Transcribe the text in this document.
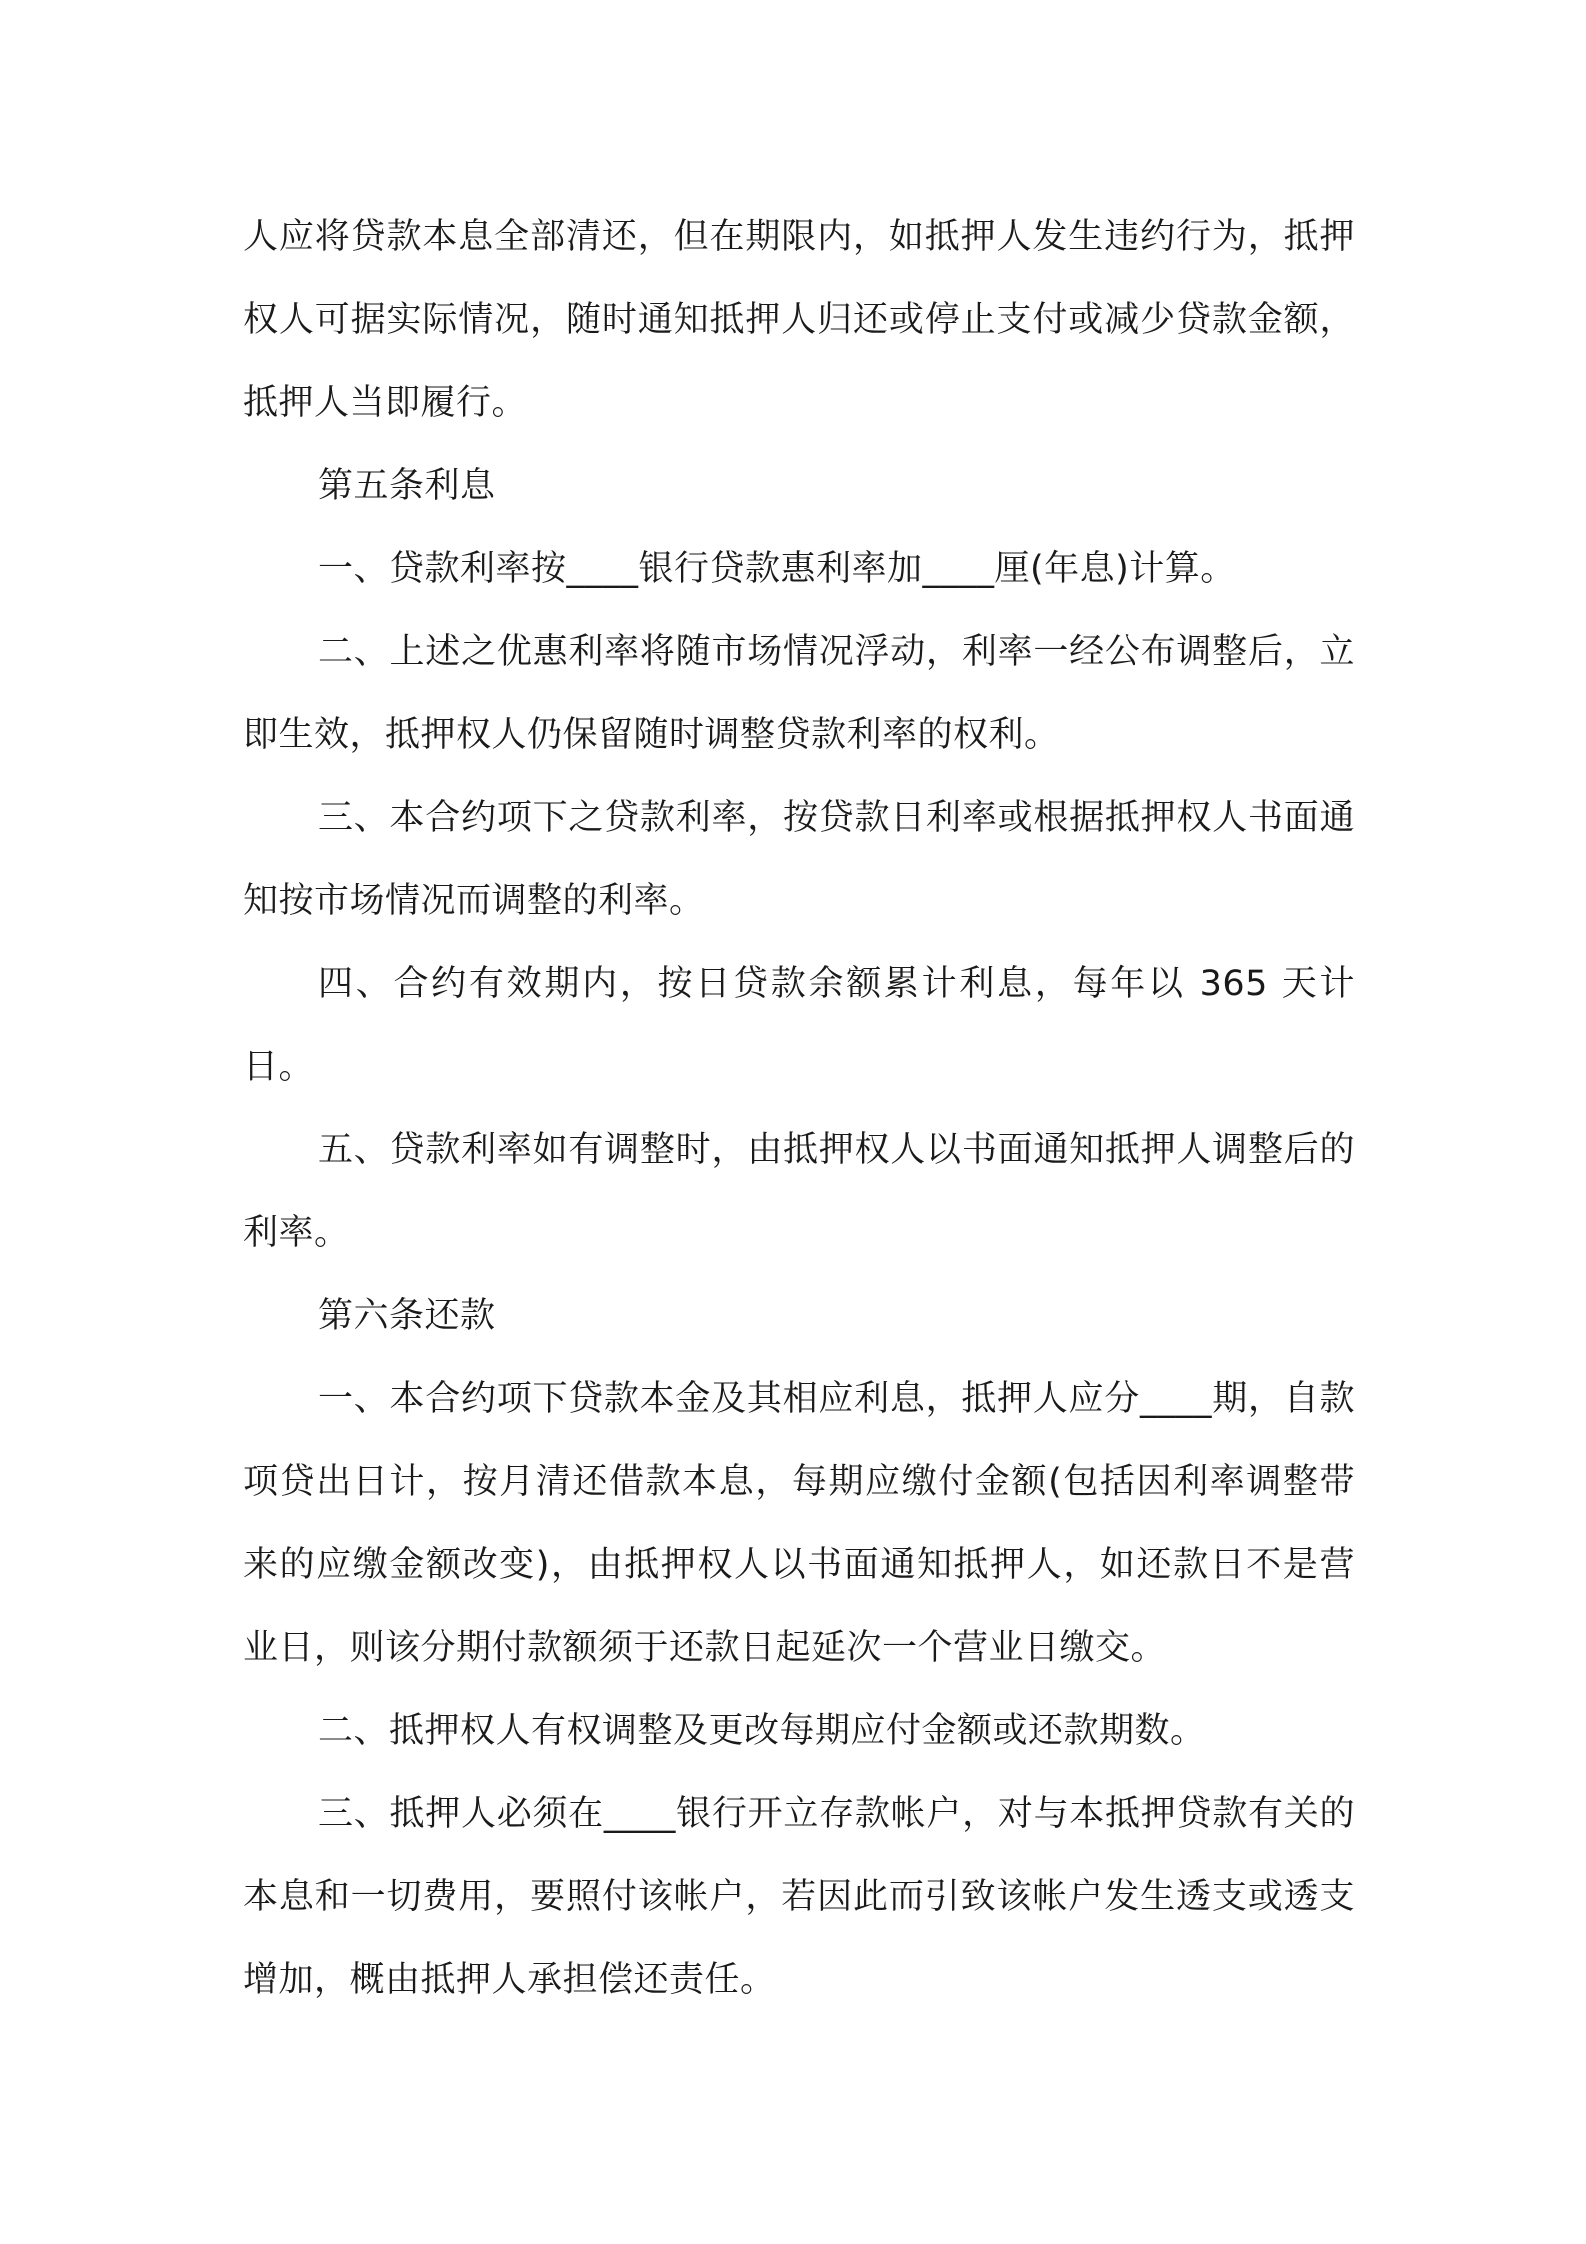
人应将贷款本息全部清还，但在期限内，如抵押人发生违约行为，抵押权人可据实际情况，随时通知抵押人归还或停止支付或减少贷款金额，抵押人当即履行。

第五条利息

一、贷款利率按____银行贷款惠利率加____厘(年息)计算。

二、上述之优惠利率将随市场情况浮动，利率一经公布调整后，立即生效，抵押权人仍保留随时调整贷款利率的权利。

三、本合约项下之贷款利率，按贷款日利率或根据抵押权人书面通知按市场情况而调整的利率。

四、合约有效期内，按日贷款余额累计利息，每年以 365 天计日。

五、贷款利率如有调整时，由抵押权人以书面通知抵押人调整后的利率。

第六条还款

一、本合约项下贷款本金及其相应利息，抵押人应分____期，自款项贷出日计，按月清还借款本息，每期应缴付金额(包括因利率调整带来的应缴金额改变)，由抵押权人以书面通知抵押人，如还款日不是营业日，则该分期付款额须于还款日起延次一个营业日缴交。

二、抵押权人有权调整及更改每期应付金额或还款期数。

三、抵押人必须在____银行开立存款帐户，对与本抵押贷款有关的本息和一切费用，要照付该帐户，若因此而引致该帐户发生透支或透支增加，概由抵押人承担偿还责任。
